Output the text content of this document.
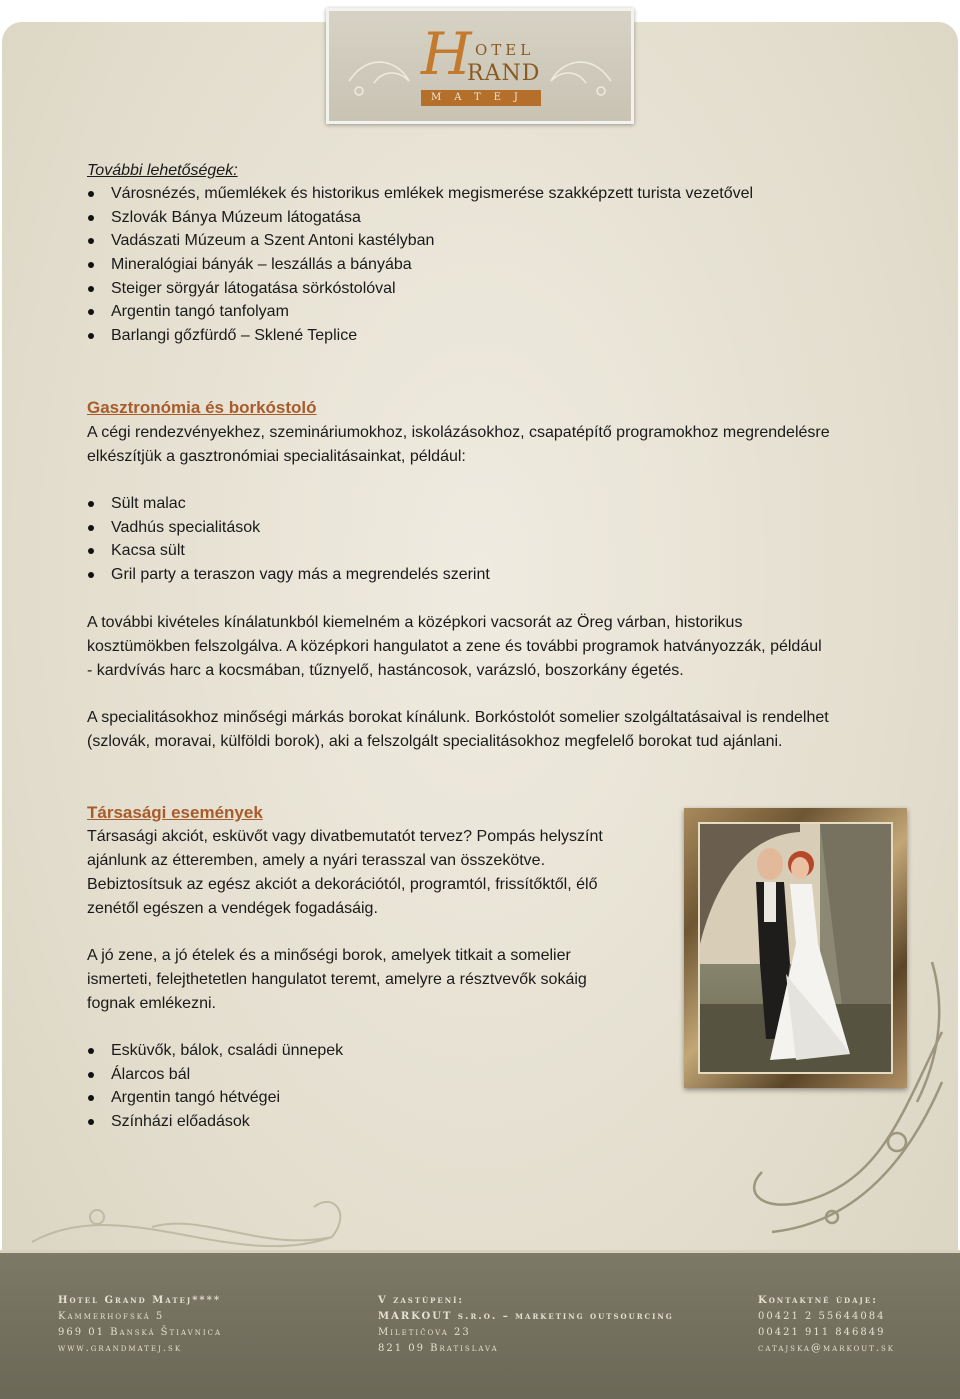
További lehetőségek:
Városnézés, műemlékek és historikus emlékek megismerése szakképzett turista vezetővel
Szlovák Bánya Múzeum látogatása
Vadászati Múzeum a Szent Antoni kastélyban
Mineralógiai bányák – leszállás a bányába
Steiger sörgyár látogatása sörkóstolóval
Argentin tangó tanfolyam
Barlangi gőzfürdő – Sklené Teplice
Gasztronómia és borkóstoló
A cégi rendezvényekhez, szemináriumokhoz, iskolázásokhoz, csapatépítő programokhoz megrendelésre
elkészítjük a gasztronómiai specialitásainkat, például:
Sült malac
Vadhús specialitások
Kacsa sült
Gril party a teraszon vagy más a megrendelés szerint
A további kivételes kínálatunkból kiemelném a középkori vacsorát az Öreg várban, historikus
kosztümökben felszolgálva. A középkori hangulatot a zene és további programok hatványozzák, például
- kardvívás harc a kocsmában, tűznyelő, hastáncosok, varázsló, boszorkány égetés.
A specialitásokhoz minőségi márkás borokat kínálunk. Borkóstolót somelier szolgáltatásaival is rendelhet
(szlovák, moravai, külföldi borok), aki a felszolgált specialitásokhoz megfelelő borokat tud ajánlani.
Társasági események
Társasági akciót, esküvőt vagy divatbemutatót tervez? Pompás helyszínt
ajánlunk az étteremben, amely a nyári terasszal van összekötve.
Bebiztosítsuk az egész akciót a dekorációtól, programtól, frissítőktől, élő
zenétől egészen a vendégek fogadásáig.
A jó zene, a jó ételek és a minőségi borok, amelyek titkait a somelier
ismerteti, felejthetetlen hangulatot teremt, amelyre a résztvevők sokáig
fognak emlékezni.
Esküvők, bálok, családi ünnepek
Álarcos bál
Argentin tangó hétvégei
Színházi előadások
H OTEL
RAND
MATEJ
Hotel Grand Matej****
Kammerhofská 5
969 01 Banská Štiavnica
www.grandmatej.sk
V zastúpení:
MARKOUT s.r.o. – marketing outsourcing
Miletičova 23
821 09 Bratislava
Kontaktné údaje:
00421 2 55644084
00421 911 846849
catajska@markout.sk
